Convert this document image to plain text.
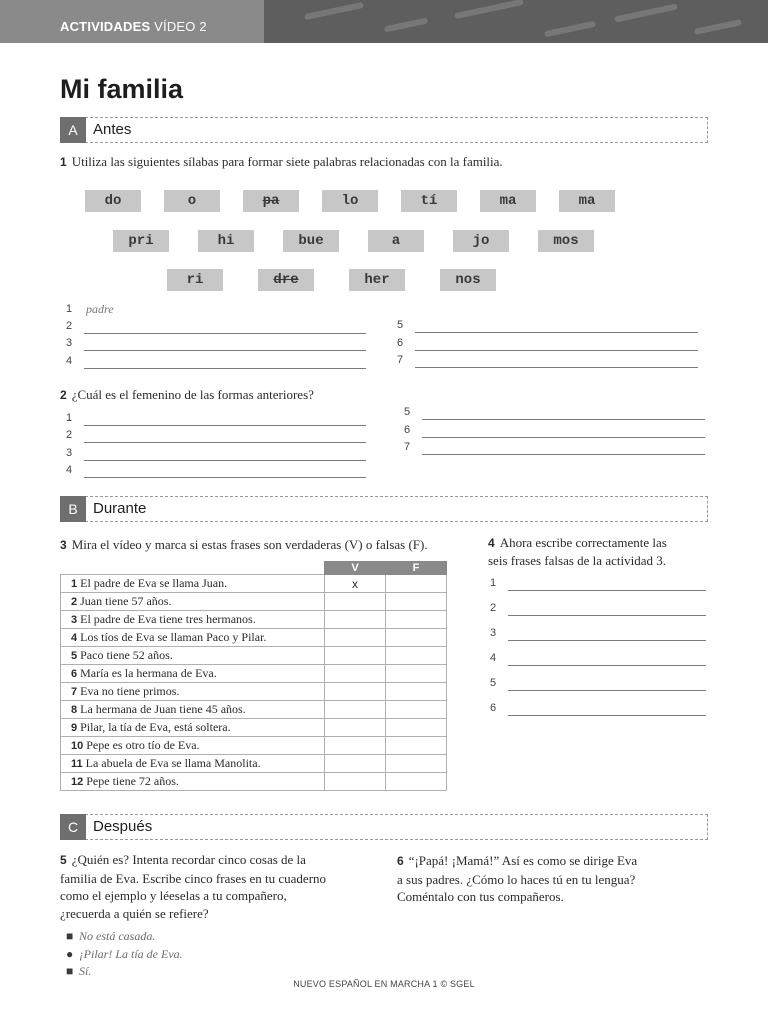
ACTIVIDADES VÍDEO 2
Mi familia
A	Antes
1 Utiliza las siguientes sílabas para formar siete palabras relacionadas con la familia.
do	o	pa	lo	tí	ma	ma
pri	hi	bue	a	jo	mos
ri	dre	her	nos
1 padre
2
3
4
5
6
7
2 ¿Cuál es el femenino de las formas anteriores?
1
2
3
4
5
6
7
B	Durante
3 Mira el vídeo y marca si estas frases son verdaderas (V) o falsas (F).
	V	F
1 El padre de Eva se llama Juan.	x	
2 Juan tiene 57 años.		
3 El padre de Eva tiene tres hermanos.		
4 Los tíos de Eva se llaman Paco y Pilar.		
5 Paco tiene 52 años.		
6 María es la hermana de Eva.		
7 Eva no tiene primos.		
8 La hermana de Juan tiene 45 años.		
9 Pilar, la tía de Eva, está soltera.		
10 Pepe es otro tío de Eva.		
11 La abuela de Eva se llama Manolita.		
12 Pepe tiene 72 años.		
4 Ahora escribe correctamente las
seis frases falsas de la actividad 3.
1
2
3
4
5
6
C Después
5 ¿Quién es? Intenta recordar cinco cosas de la
familia de Eva. Escribe cinco frases en tu cuaderno
como el ejemplo y léeselas a tu compañero,
¿recuerda a quién se refiere?
■ No está casada.
● ¡Pilar! La tía de Eva.
■ Sí.
6 “¡Papá! ¡Mamá!” Así es como se dirige Eva
a sus padres. ¿Cómo lo haces tú en tu lengua?
Coméntalo con tus compañeros.
NUEVO ESPAÑOL EN MARCHA 1 © SGEL
